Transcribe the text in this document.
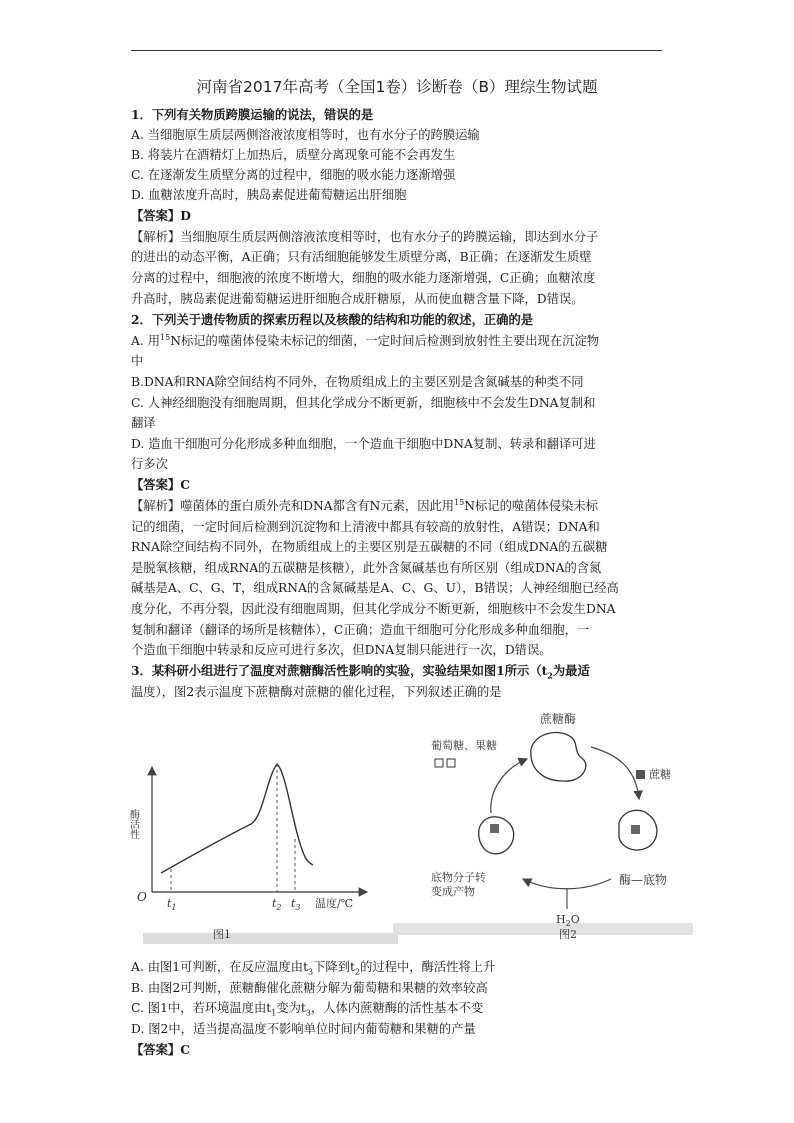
河南省2017年高考（全国1卷）诊断卷（B）理综生物试题
1．下列有关物质跨膜运输的说法，错误的是
A. 当细胞原生质层两侧溶液浓度相等时，也有水分子的跨膜运输
B. 将装片在酒精灯上加热后，质壁分离现象可能不会再发生
C. 在逐渐发生质壁分离的过程中，细胞的吸水能力逐渐增强
D. 血糖浓度升高时，胰岛素促进葡萄糖运出肝细胞
【答案】D
【解析】当细胞原生质层两侧溶液浓度相等时，也有水分子的跨膜运输，即达到水分子
的进出的动态平衡，A正确；只有活细胞能够发生质壁分离，B正确；在逐渐发生质壁
分离的过程中，细胞液的浓度不断增大，细胞的吸水能力逐渐增强，C正确；血糖浓度
升高时，胰岛素促进葡萄糖运进肝细胞合成肝糖原，从而使血糖含量下降，D错误。
2．下列关于遗传物质的探索历程以及核酸的结构和功能的叙述，正确的是
A. 用$^{15}$N标记的噬菌体侵染未标记的细菌，一定时间后检测到放射性主要出现在沉淀物
中
B.DNA和RNA除空间结构不同外，在物质组成上的主要区别是含氮碱基的种类不同
C. 人神经细胞没有细胞周期，但其化学成分不断更新，细胞核中不会发生DNA复制和
翻译
D. 造血干细胞可分化形成多种血细胞，一个造血干细胞中DNA复制、转录和翻译可进
行多次
【答案】C
【解析】噬菌体的蛋白质外壳和DNA都含有N元素，因此用$^{15}$N标记的噬菌体侵染未标
记的细菌，一定时间后检测到沉淀物和上清液中都具有较高的放射性，A错误；DNA和
RNA除空间结构不同外，在物质组成上的主要区别是五碳糖的不同（组成DNA的五碳糖
是脱氧核糖，组成RNA的五碳糖是核糖），此外含氮碱基也有所区别（组成DNA的含氮
碱基是A、C、G、T，组成RNA的含氮碱基是A、C、G、U），B错误；人神经细胞已经高
度分化，不再分裂，因此没有细胞周期，但其化学成分不断更新，细胞核中不会发生DNA
复制和翻译（翻译的场所是核糖体），C正确；造血干细胞可分化形成多种血细胞，一
个造血干细胞中转录和反应可进行多次，但DNA复制只能进行一次，D错误。
3．某科研小组进行了温度对蔗糖酶活性影响的实验，实验结果如图1所示（$t_2$为最适
温度），图2表示温度下蔗糖酶对蔗糖的催化过程，下列叙述正确的是
O
酶活性
$t_1$	$t_2$ $t_3$ 温度/℃
图1
蔗糖酶
蔗糖
酶—底物
葡萄糖、果糖
底物分子转
变成产物
$H_2O$
图2
A. 由图1可判断，在反应温度由$t_3$下降到$t_2$的过程中，酶活性将上升
B. 由图2可判断，蔗糖酶催化蔗糖分解为葡萄糖和果糖的效率较高
C. 图1中，若环境温度由$t_1$变为$t_3$，人体内蔗糖酶的活性基本不变
D. 图2中，适当提高温度不影响单位时间内葡萄糖和果糖的产量
【答案】C
